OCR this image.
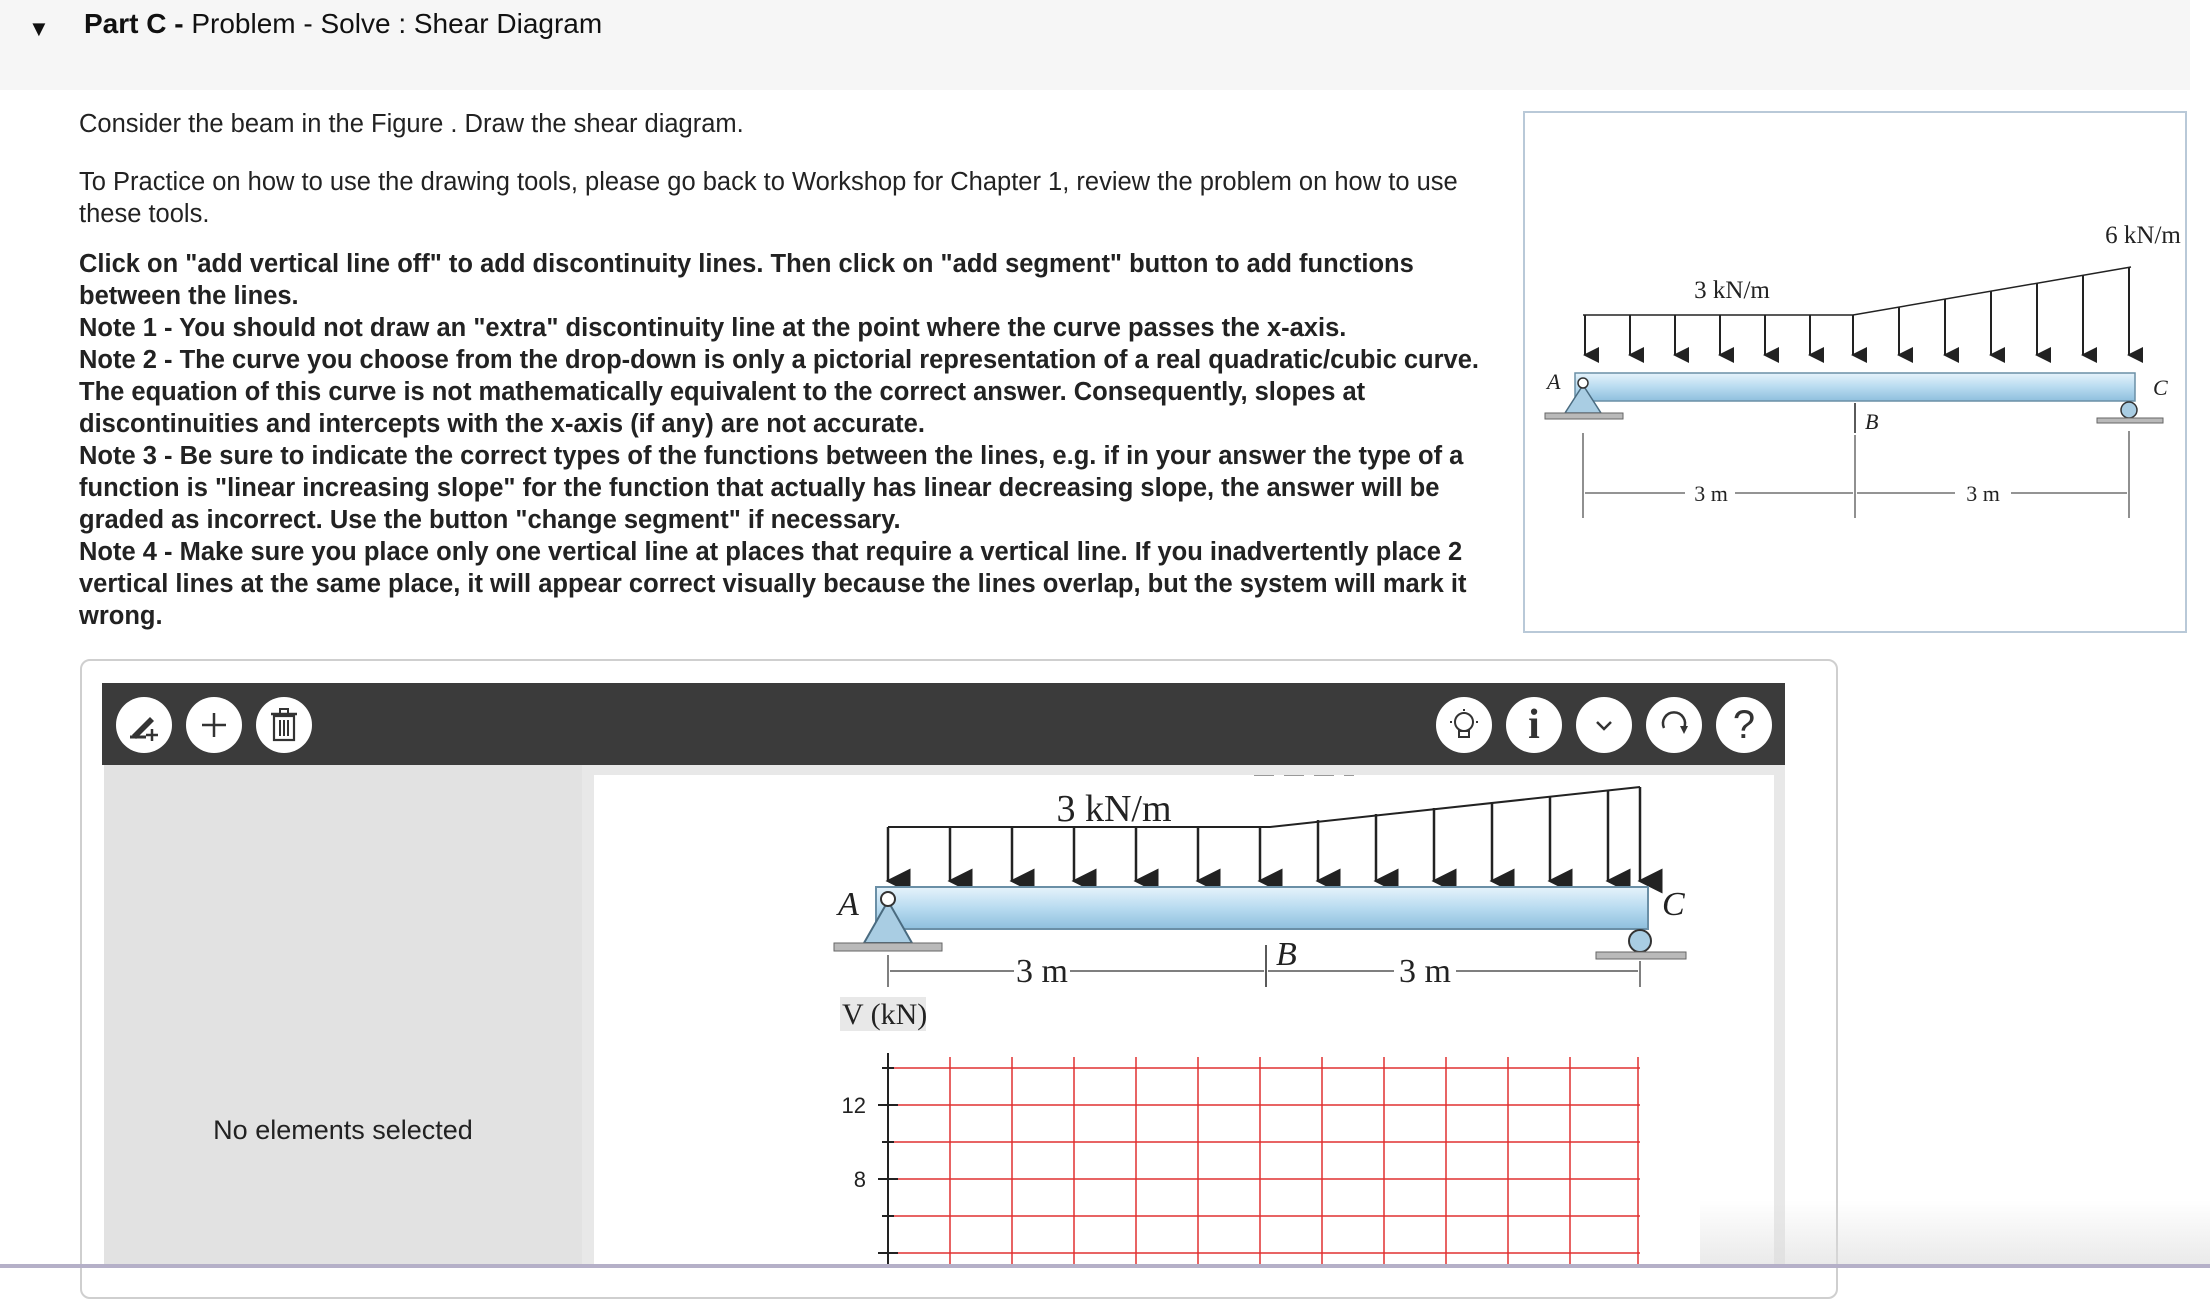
▼ Part C - Problem - Solve : Shear Diagram

Consider the beam in the Figure . Draw the shear diagram.

To Practice on how to use the drawing tools, please go back to Workshop for Chapter 1, review the problem on how to use these tools.

Click on "add vertical line off" to add discontinuity lines. Then click on "add segment" button to add functions between the lines.

Note 1 - You should not draw an "extra" discontinuity line at the point where the curve passes the x-axis.

Note 2 - The curve you choose from the drop-down is only a pictorial representation of a real quadratic/cubic curve. The equation of this curve is not mathematically equivalent to the correct answer. Consequently, slopes at discontinuities and intercepts with the x-axis (if any) are not accurate.

Note 3 - Be sure to indicate the correct types of the functions between the lines, e.g. if in your answer the type of a function is "linear increasing slope" for the function that actually has linear decreasing slope, the answer will be graded as incorrect. Use the button "change segment" if necessary.

Note 4 - Make sure you place only one vertical line at places that require a vertical line. If you inadvertently place 2 vertical lines at the same place, it will appear correct visually because the lines overlap, but the system will mark it wrong.

6 kN/m
3 kN/m
A	C
B
3 m	3 m
i	?
No elements selected
3 kN/m
A	C
B
3 m	3 m
V (kN)
12
8
